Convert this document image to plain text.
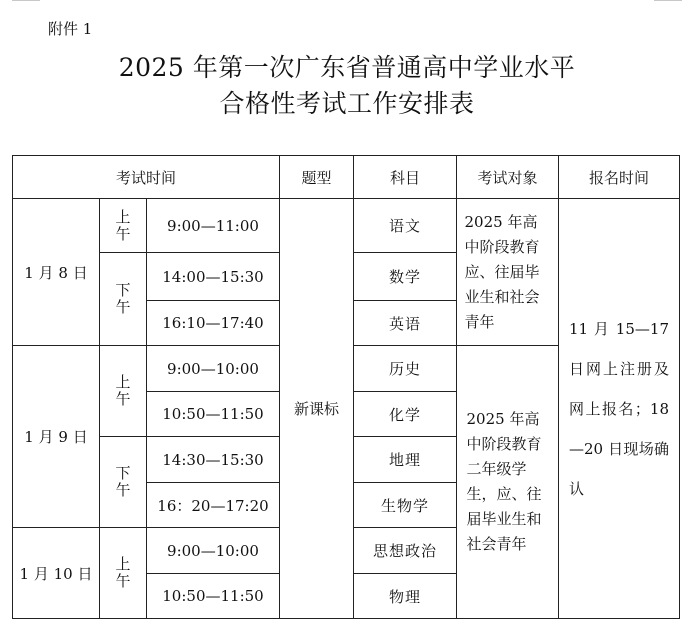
附件 1
2025 年第一次广东省普通高中学业水平
合格性考试工作安排表
考试时间			题型	科目	考试对象	报名时间
1 月 8 日	上午	9:00—11:00	新课标	语文	2025 年高中阶段教育应、往届毕业生和社会青年	11 月 15—17 日网上注册及网上报名；18—20 日现场确认

	下午	14:00—15:30		数学		
		16:10—17:40		英语		
1 月 9 日	上午	9:00—10:00		历史	2025 年高中阶段教育二年级学生，应、往届毕业生和社会青年	

		10:50—11:50		化学		
	下午	14:30—15:30		地理		
		16：20—17:20		生物学		
1 月 10 日	上午	9:00—10:00		思想政治		
		10:50—11:50		物理		
